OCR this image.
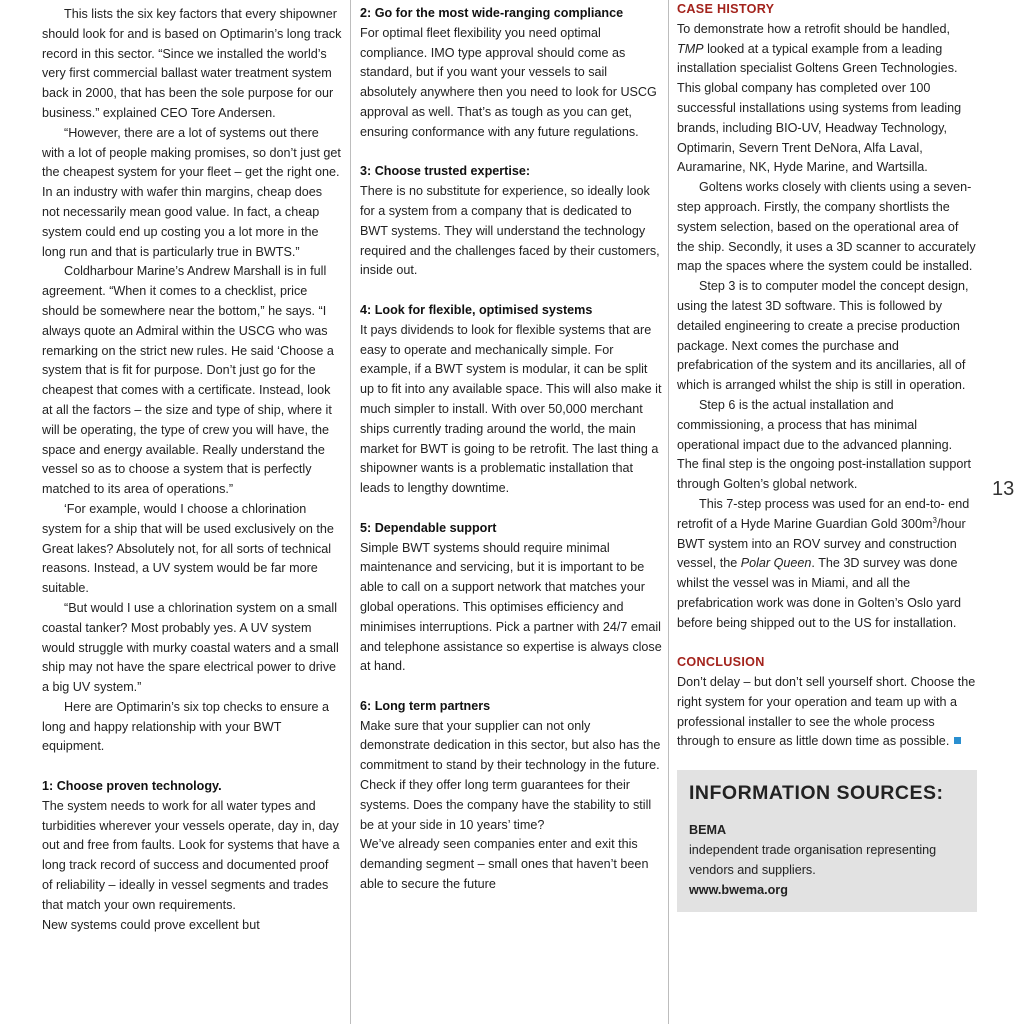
This lists the six key factors that every shipowner should look for and is based on Optimarin’s long track record in this sector. “Since we installed the world’s very first commercial ballast water treatment system back in 2000, that has been the sole purpose for our business.” explained CEO Tore Andersen.

“However, there are a lot of systems out there with a lot of people making promises, so don’t just get the cheapest system for your fleet – get the right one. In an industry with wafer thin margins, cheap does not necessarily mean good value. In fact, a cheap system could end up costing you a lot more in the long run and that is particularly true in BWTS.”

Coldharbour Marine’s Andrew Marshall is in full agreement. “When it comes to a checklist, price should be somewhere near the bottom,” he says. “I always quote an Admiral within the USCG who was remarking on the strict new rules. He said ‘Choose a system that is fit for purpose. Don’t just go for the cheapest that comes with a certificate. Instead, look at all the factors – the size and type of ship, where it will be operating, the type of crew you will have, the space and energy available. Really understand the vessel so as to choose a system that is perfectly matched to its area of operations.”

‘For example, would I choose a chlorination system for a ship that will be used exclusively on the Great lakes? Absolutely not, for all sorts of technical reasons. Instead, a UV system would be far more suitable.

“But would I use a chlorination system on a small coastal tanker? Most probably yes. A UV system would struggle with murky coastal waters and a small ship may not have the spare electrical power to drive a big UV system.”

Here are Optimarin’s six top checks to ensure a long and happy relationship with your BWT equipment.

1: Choose proven technology.

The system needs to work for all water types and turbidities wherever your vessels operate, day in, day out and free from faults. Look for systems that have a long track record of success and documented proof of reliability – ideally in vessel segments and trades that match your own requirements.

New systems could prove excellent but

2: Go for the most wide-ranging compliance

For optimal fleet flexibility you need optimal compliance. IMO type approval should come as standard, but if you want your vessels to sail absolutely anywhere then you need to look for USCG approval as well. That’s as tough as you can get, ensuring conformance with any future regulations.

3: Choose trusted expertise:

There is no substitute for experience, so ideally look for a system from a company that is dedicated to BWT systems. They will understand the technology required and the challenges faced by their customers, inside out.

4: Look for flexible, optimised systems

It pays dividends to look for flexible systems that are easy to operate and mechanically simple. For example, if a BWT system is modular, it can be split up to fit into any available space. This will also make it much simpler to install. With over 50,000 merchant ships currently trading around the world, the main market for BWT is going to be retrofit. The last thing a shipowner wants is a problematic installation that leads to lengthy downtime.

5: Dependable support

Simple BWT systems should require minimal maintenance and servicing, but it is important to be able to call on a support network that matches your global operations. This optimises efficiency and minimises interruptions. Pick a partner with 24/7 email and telephone assistance so expertise is always close at hand.

6: Long term partners

Make sure that your supplier can not only demonstrate dedication in this sector, but also has the commitment to stand by their technology in the future. Check if they offer long term guarantees for their systems. Does the company have the stability to still be at your side in 10 years’ time?

We’ve already seen companies enter and exit this demanding segment – small ones that haven’t been able to secure the future

CASE HISTORY

To demonstrate how a retrofit should be handled, TMP looked at a typical example from a leading installation specialist Goltens Green Technologies. This global company has completed over 100 successful installations using systems from leading brands, including BIO-UV, Headway Technology, Optimarin, Severn Trent DeNora, Alfa Laval, Auramarine, NK, Hyde Marine, and Wartsilla.

Goltens works closely with clients using a seven-step approach. Firstly, the company shortlists the system selection, based on the operational area of the ship. Secondly, it uses a 3D scanner to accurately map the spaces where the system could be installed.

Step 3 is to computer model the concept design, using the latest 3D software. This is followed by detailed engineering to create a precise production package. Next comes the purchase and prefabrication of the system and its ancillaries, all of which is arranged whilst the ship is still in operation.

Step 6 is the actual installation and commissioning, a process that has minimal operational impact due to the advanced planning. The final step is the ongoing post-installation support through Golten’s global network.

This 7-step process was used for an end-to- end retrofit of a Hyde Marine Guardian Gold $300m^3$/hour BWT system into an ROV survey and construction vessel, the Polar Queen. The 3D survey was done whilst the vessel was in Miami, and all the prefabrication work was done in Golten’s Oslo yard before being shipped out to the US for installation.

CONCLUSION

Don’t delay – but don’t sell yourself short. Choose the right system for your operation and team up with a professional installer to see the whole process through to ensure as little down time as possible.

INFORMATION SOURCES:

BEMA

independent trade organisation representing vendors and suppliers.

www.bwema.org

13
